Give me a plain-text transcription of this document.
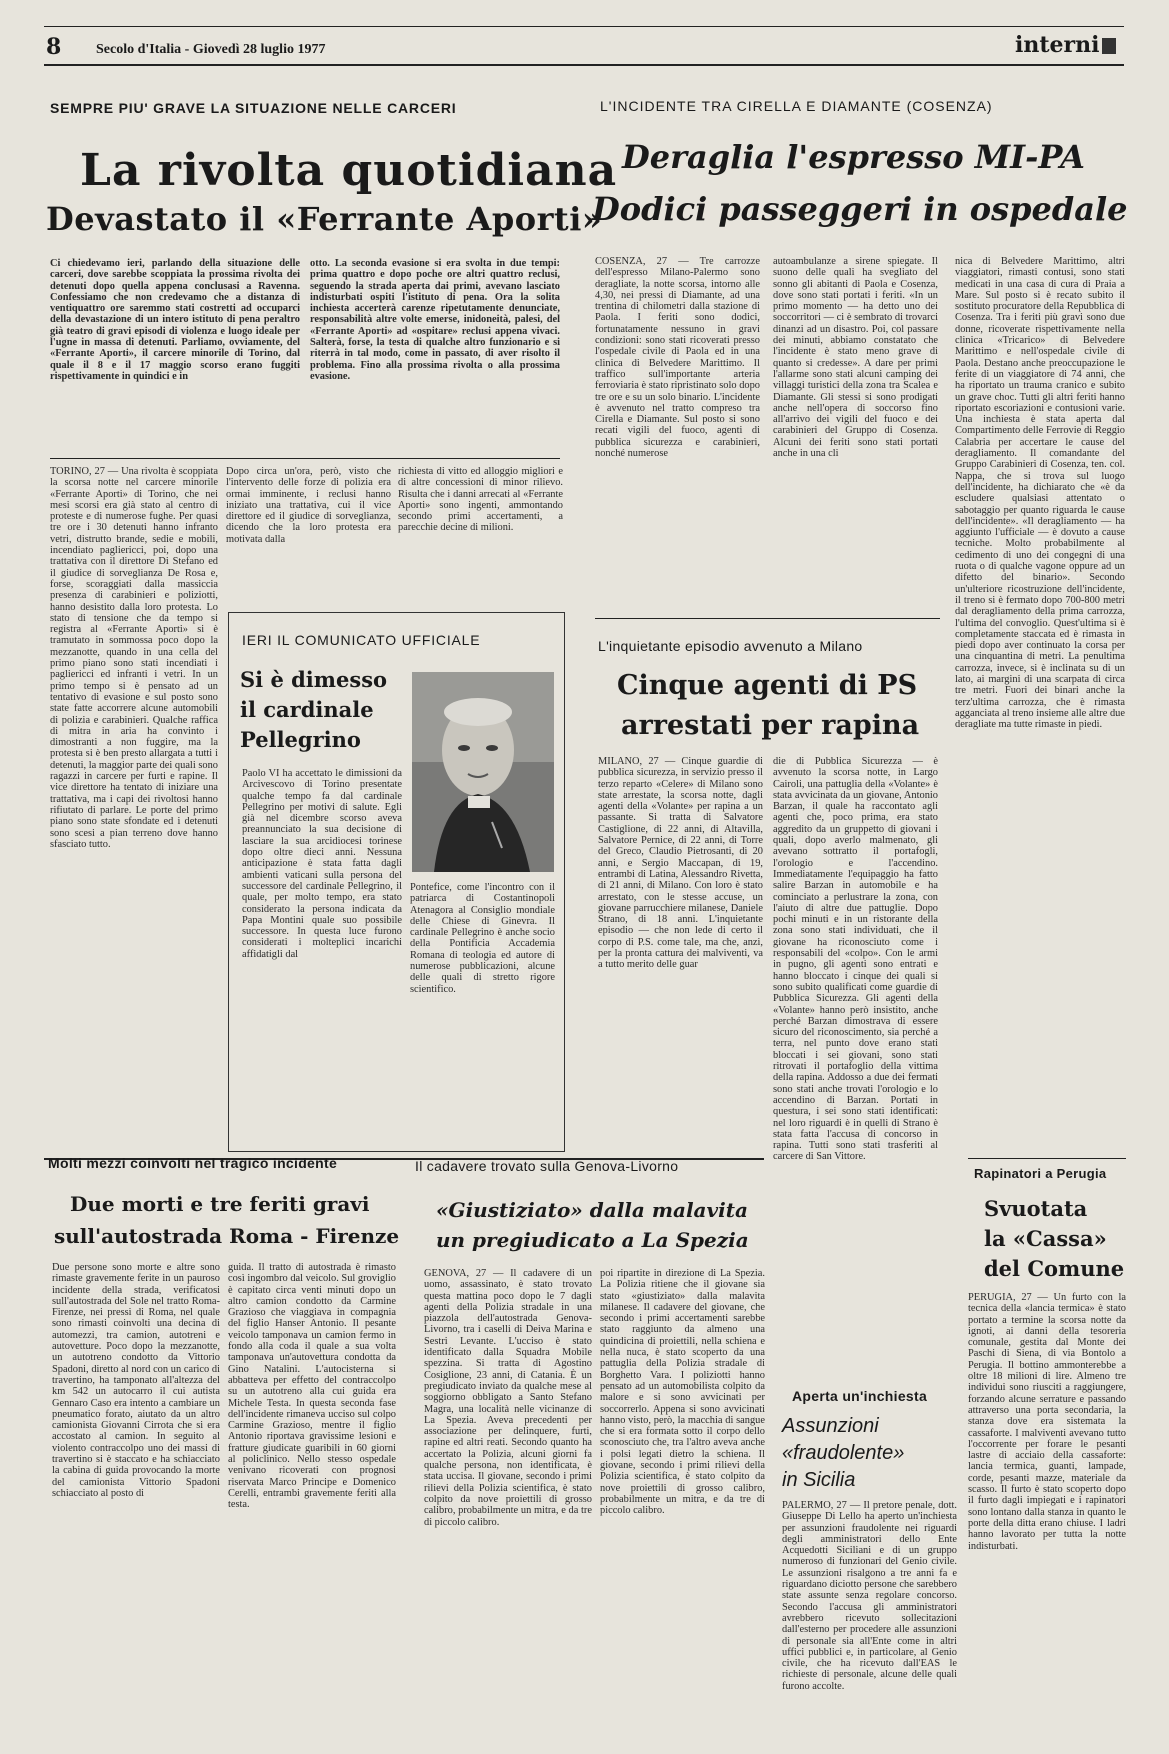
8 Secolo d'Italia - Giovedì 28 luglio 1977	interni
SEMPRE PIU' GRAVE LA SITUAZIONE NELLE CARCERI
La rivolta quotidiana
Devastato il «Ferrante Aporti»
Ci chiedevamo ieri, parlando della situazione delle carceri, dove sarebbe scoppiata la prossima rivolta dei detenuti dopo quella appena conclusasi a Ravenna. Confessiamo che non credevamo che a distanza di ventiquattro ore saremmo stati costretti ad occuparci della devastazione di un intero istituto di pena peraltro già teatro di gravi episodi di violenza e luogo ideale per l'ugne in massa di detenuti. Parliamo, ovviamente, del «Ferrante Aporti», il carcere minorile di Torino, dal quale il 8 e il 17 maggio scorso erano fuggiti rispettivamente in quindici e in
otto. La seconda evasione si era svolta in due tempi: prima quattro e dopo poche ore altri quattro reclusi, seguendo la strada aperta dai primi, avevano lasciato indisturbati ospiti l'istituto di pena. Ora la solita inchiesta accerterà carenze ripetutamente denunciate, responsabilità altre volte emerse, inidoneità, palesi, del «Ferrante Aporti» ad «ospitare» reclusi appena vivaci. Salterà, forse, la testa di qualche altro funzionario e si riterrà in tal modo, come in passato, di aver risolto il problema. Fino alla prossima rivolta o alla prossima evasione.
TORINO, 27 — Una rivolta è scoppiata la scorsa notte nel carcere minorile «Ferrante Aporti» di Torino, che nei mesi scorsi era già stato al centro di proteste e di numerose fughe. Per quasi tre ore i 30 detenuti hanno infranto vetri, distrutto brande, sedie e mobili, incendiato pagliericci, poi, dopo una trattativa con il direttore Di Stefano ed il giudice di sorveglianza De Rosa e, forse, scoraggiati dalla massiccia presenza di carabinieri e poliziotti, hanno desistito dalla loro protesta. Lo stato di tensione che da tempo si registra al «Ferrante Aporti» si è tramutato in sommossa poco dopo la mezzanotte, quando in una cella del primo piano sono stati incendiati i pagliericci ed infranti i vetri. In un primo tempo si è pensato ad un tentativo di evasione e sul posto sono state fatte accorrere alcune automobili di polizia e carabinieri. Qualche raffica di mitra in aria ha convinto i dimostranti a non fuggire, ma la protesta si è ben presto allargata a tutti i detenuti, la maggior parte dei quali sono ragazzi in carcere per furti e rapine. Il vice direttore ha tentato di iniziare una trattativa, ma i capi dei rivoltosi hanno rifiutato di parlare. Le porte del primo piano sono state sfondate ed i detenuti sono scesi a pian terreno dove hanno sfasciato tutto.
Dopo circa un'ora, però, visto che l'intervento delle forze di polizia era ormai imminente, i reclusi hanno iniziato una trattativa, cui il vice direttore ed il giudice di sorveglianza, dicendo che la loro protesta era motivata dalla
richiesta di vitto ed alloggio migliori e di altre concessioni di minor rilievo. Risulta che i danni arrecati al «Ferrante Aporti» sono ingenti, ammontando secondo primi accertamenti, a parecchie decine di milioni.
IERI IL COMUNICATO UFFICIALE
Si è dimesso
il cardinale
Pellegrino
Paolo VI ha accettato le dimissioni da Arcivescovo di Torino presentate qualche tempo fa dal cardinale Pellegrino per motivi di salute. Egli già nel dicembre scorso aveva preannunciato la sua decisione di lasciare la sua arcidiocesi torinese dopo oltre dieci anni. Nessuna anticipazione è stata fatta dagli ambienti vaticani sulla persona del successore del cardinale Pellegrino, il quale, per molto tempo, era stato considerato la persona indicata da Papa Montini quale suo possibile successore. In questa luce furono considerati i molteplici incarichi affidatigli dal
Pontefice, come l'incontro con il patriarca di Costantinopoli Atenagora al Consiglio mondiale delle Chiese di Ginevra. Il cardinale Pellegrino è anche socio della Pontificia Accademia Romana di teologia ed autore di numerose pubblicazioni, alcune delle quali di stretto rigore scientifico.
L'INCIDENTE TRA CIRELLA E DIAMANTE (COSENZA)
Deraglia l'espresso MI-PA
Dodici passeggeri in ospedale
COSENZA, 27 — Tre carrozze dell'espresso Milano-Palermo sono deragliate, la notte scorsa, intorno alle 4,30, nei pressi di Diamante, ad una trentina di chilometri dalla stazione di Paola. I feriti sono dodici, fortunatamente nessuno in gravi condizioni: sono stati ricoverati presso l'ospedale civile di Paola ed in una clinica di Belvedere Marittimo. Il traffico sull'importante arteria ferroviaria è stato ripristinato solo dopo tre ore e su un solo binario. L'incidente è avvenuto nel tratto compreso tra Cirella e Diamante. Sul posto si sono recati vigili del fuoco, agenti di pubblica sicurezza e carabinieri, nonché numerose
autoambulanze a sirene spiegate. Il suono delle quali ha svegliato del sonno gli abitanti di Paola e Cosenza, dove sono stati portati i feriti. «In un primo momento — ha detto uno dei soccorritori — ci è sembrato di trovarci dinanzi ad un disastro. Poi, col passare dei minuti, abbiamo constatato che l'incidente è stato meno grave di quanto si credesse». A dare per primi l'allarme sono stati alcuni camping dei villaggi turistici della zona tra Scalea e Diamante. Gli stessi si sono prodigati anche nell'opera di soccorso fino all'arrivo dei vigili del fuoco e dei carabinieri del Gruppo di Cosenza. Alcuni dei feriti sono stati portati anche in una cli
nica di Belvedere Marittimo, altri viaggiatori, rimasti contusi, sono stati medicati in una casa di cura di Praia a Mare. Sul posto si è recato subito il sostituto procuratore della Repubblica di Cosenza. Tra i feriti più gravi sono due donne, ricoverate rispettivamente nella clinica «Tricarico» di Belvedere Marittimo e nell'ospedale civile di Paola. Destano anche preoccupazione le ferite di un viaggiatore di 74 anni, che ha riportato un trauma cranico e subito un grave choc. Tutti gli altri feriti hanno riportato escoriazioni e contusioni varie. Una inchiesta è stata aperta dal Compartimento delle Ferrovie di Reggio Calabria per accertare le cause del deragliamento. Il comandante del Gruppo Carabinieri di Cosenza, ten. col. Nappa, che si trova sul luogo dell'incidente, ha dichiarato che «è da escludere qualsiasi attentato o sabotaggio per quanto riguarda le cause dell'incidente». «Il deragliamento — ha aggiunto l'ufficiale — è dovuto a cause tecniche. Molto probabilmente al cedimento di uno dei congegni di una ruota o di qualche vagone oppure ad un difetto del binario». Secondo un'ulteriore ricostruzione dell'incidente, il treno si è fermato dopo 700-800 metri dal deragliamento della prima carrozza, l'ultima del convoglio. Quest'ultima si è completamente staccata ed è rimasta in piedi dopo aver continuato la corsa per una cinquantina di metri. La penultima carrozza, invece, si è inclinata su di un lato, ai margini di una scarpata di circa tre metri. Fuori dei binari anche la terz'ultima carrozza, che è rimasta agganciata al treno insieme alle altre due deragliate ma tutte rimaste in piedi.
L'inquietante episodio avvenuto a Milano
Cinque agenti di PS
arrestati per rapina
MILANO, 27 — Cinque guardie di pubblica sicurezza, in servizio presso il terzo reparto «Celere» di Milano sono state arrestate, la scorsa notte, dagli agenti della «Volante» per rapina a un passante. Si tratta di Salvatore Castiglione, di 22 anni, di Altavilla, Salvatore Pernice, di 22 anni, di Torre del Greco, Claudio Pietrosanti, di 20 anni, e Sergio Maccapan, di 19, entrambi di Latina, Alessandro Rivetta, di 21 anni, di Milano. Con loro è stato arrestato, con le stesse accuse, un giovane parrucchiere milanese, Daniele Strano, di 18 anni. L'inquietante episodio — che non lede di certo il corpo di P.S. come tale, ma che, anzi, per la pronta cattura dei malviventi, va a tutto merito delle guar
die di Pubblica Sicurezza — è avvenuto la scorsa notte, in Largo Cairoli, una pattuglia della «Volante» è stata avvicinata da un giovane, Antonio Barzan, il quale ha raccontato agli agenti che, poco prima, era stato aggredito da un gruppetto di giovani i quali, dopo averlo malmenato, gli avevano sottratto il portafogli, l'orologio e l'accendino. Immediatamente l'equipaggio ha fatto salire Barzan in automobile e ha cominciato a perlustrare la zona, con l'aiuto di altre due pattuglie. Dopo pochi minuti e in un ristorante della zona sono stati individuati, che il giovane ha riconosciuto come i responsabili del «colpo». Con le armi in pugno, gli agenti sono entrati e hanno bloccato i cinque dei quali si sono subito qualificati come guardie di Pubblica Sicurezza. Gli agenti della «Volante» hanno però insistito, anche perché Barzan dimostrava di essere sicuro del riconoscimento, sia perché a terra, nel punto dove erano stati bloccati i sei giovani, sono stati ritrovati il portafoglio della vittima della rapina. Addosso a due dei fermati sono stati anche trovati l'orologio e lo accendino di Barzan. Portati in questura, i sei sono stati identificati: nel loro riguardi è in quelli di Strano è stata fatta l'accusa di concorso in rapina. Tutti sono stati trasferiti al carcere di San Vittore.
Molti mezzi coinvolti nel tragico incidente
Due morti e tre feriti gravi
sull'autostrada Roma - Firenze
Due persone sono morte e altre sono rimaste gravemente ferite in un pauroso incidente della strada, verificatosi sull'autostrada del Sole nel tratto Roma-Firenze, nei pressi di Roma, nel quale sono rimasti coinvolti una decina di automezzi, tra camion, autotreni e autovetture. Poco dopo la mezzanotte, un autotreno condotto da Vittorio Spadoni, diretto al nord con un carico di travertino, ha tamponato all'altezza del km 542 un autocarro il cui autista Gennaro Caso era intento a cambiare un pneumatico forato, aiutato da un altro camionista Giovanni Cirrota che si era accostato al camion. In seguito al violento contraccolpo uno dei massi di travertino si è staccato e ha schiacciato la cabina di guida provocando la morte del camionista Vittorio Spadoni schiacciato al posto di
guida. Il tratto di autostrada è rimasto così ingombro dal veicolo. Sul groviglio è capitato circa venti minuti dopo un altro camion condotto da Carmine Grazioso che viaggiava in compagnia del figlio Hanser Antonio. Il pesante veicolo tamponava un camion fermo in fondo alla coda il quale a sua volta tamponava un'autovettura condotta da Gino Natalini. L'autocisterna si abbatteva per effetto del contraccolpo su un autotreno alla cui guida era Michele Testa. In questa seconda fase dell'incidente rimaneva ucciso sul colpo Carmine Grazioso, mentre il figlio Antonio riportava gravissime lesioni e fratture giudicate guaribili in 60 giorni al policlinico. Nello stesso ospedale venivano ricoverati con prognosi riservata Marco Principe e Domenico Cerelli, entrambi gravemente feriti alla testa.
Il cadavere trovato sulla Genova-Livorno
«Giustiziato» dalla malavita
un pregiudicato a La Spezia
GENOVA, 27 — Il cadavere di un uomo, assassinato, è stato trovato questa mattina poco dopo le 7 dagli agenti della Polizia stradale in una piazzola dell'autostrada Genova-Livorno, tra i caselli di Deiva Marina e Sestri Levante. L'ucciso è stato identificato dalla Squadra Mobile spezzina. Si tratta di Agostino Cosiglione, 23 anni, di Catania. È un pregiudicato inviato da qualche mese al soggiorno obbligato a Santo Stefano Magra, una località nelle vicinanze di La Spezia. Aveva precedenti per associazione per delinquere, furti, rapine ed altri reati. Secondo quanto ha accertato la Polizia, alcuni giorni fa qualche persona, non identificata, è stata uccisa. Il giovane, secondo i primi rilievi della Polizia scientifica, è stato colpito da nove proiettili di grosso calibro, probabilmente un mitra, e da tre di piccolo calibro.
poi ripartite in direzione di La Spezia. La Polizia ritiene che il giovane sia stato «giustiziato» dalla malavita milanese. Il cadavere del giovane, che secondo i primi accertamenti sarebbe stato raggiunto da almeno una quindicina di proiettili, nella schiena e nella nuca, è stato scoperto da una pattuglia della Polizia stradale di Borghetto Vara. I poliziotti hanno pensato ad un automobilista colpito da malore e si sono avvicinati per soccorrerlo. Appena si sono avvicinati hanno visto, però, la macchia di sangue che si era formata sotto il corpo dello sconosciuto che, tra l'altro aveva anche i polsi legati dietro la schiena. Il giovane, secondo i primi rilievi della Polizia scientifica, è stato colpito da nove proiettili di grosso calibro, probabilmente un mitra, e da tre di piccolo calibro.
Aperta un'inchiesta
Assunzioni
«fraudolente»
in Sicilia
PALERMO, 27 — Il pretore penale, dott. Giuseppe Di Lello ha aperto un'inchiesta per assunzioni fraudolente nei riguardi degli amministratori dello Ente Acquedotti Siciliani e di un gruppo numeroso di funzionari del Genio civile. Le assunzioni risalgono a tre anni fa e riguardano diciotto persone che sarebbero state assunte senza regolare concorso. Secondo l'accusa gli amministratori avrebbero ricevuto sollecitazioni dall'esterno per procedere alle assunzioni di personale sia all'Ente come in altri uffici pubblici e, in particolare, al Genio civile, che ha ricevuto dall'EAS le richieste di personale, alcune delle quali furono accolte.
Rapinatori a Perugia
Svuotata
la «Cassa»
del Comune
PERUGIA, 27 — Un furto con la tecnica della «lancia termica» è stato portato a termine la scorsa notte da ignoti, ai danni della tesoreria comunale, gestita dal Monte dei Paschi di Siena, di via Bontolo a Perugia. Il bottino ammonterebbe a oltre 18 milioni di lire. Almeno tre individui sono riusciti a raggiungere, forzando alcune serrature e passando attraverso una porta secondaria, la stanza dove era sistemata la cassaforte. I malviventi avevano tutto l'occorrente per forare le pesanti lastre di acciaio della cassaforte: lancia termica, guanti, lampade, corde, pesanti mazze, materiale da scasso. Il furto è stato scoperto dopo il furto dagli impiegati e i rapinatori sono lontano dalla stanza in quanto le porte della ditta erano chiuse. I ladri hanno lavorato per tutta la notte indisturbati.
